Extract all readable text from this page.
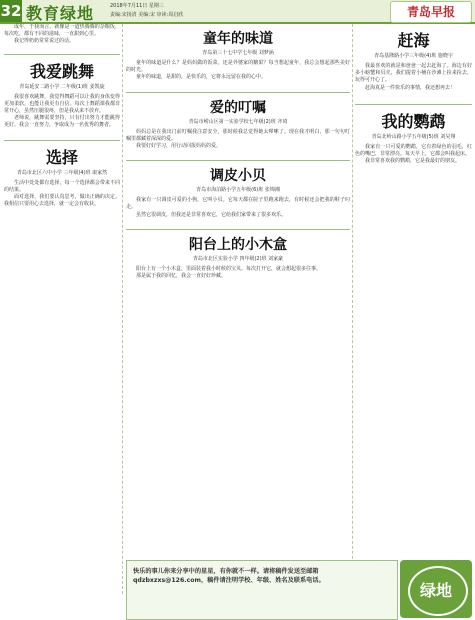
32 教育绿地	2018年7月11日 星期三
责编:宋扬清 美编:宋 审读:周启欣	青岛早报

成年，于我而言，就像是一道热腾腾的杂粮饭，每次吃，都有不同的滋味，一直甜到心里。

我记得奶奶常常说过的话。

我爱跳舞
青岛延安二路小学 二年级(1)班 姜凯旋

我很喜欢跳舞，我觉得舞蹈可以让我的身体变得更加柔软，也能让我更有自信。每次上舞蹈课我都非常开心，虽然压腿很疼，但是我从来不放弃。

老师说，跳舞需要坚持，只有付出努力才能跳得更好。我会一直努力，争取成为一名优秀的舞者。

选择
青岛市北区六中小学 三年级(4)班 康家然

生活中处处都有选择，每一个选择都会带来不同的结果。

面对选择，我们要认真思考，做出正确的决定。我相信只要用心去选择，就一定会有收获。

童年的味道
青岛第三十七中学七年级 刘梦涵

童年的味道是什么？是妈妈做的饭菜，还是外婆家的糖果？每当想起童年，我总会想起那些美好的时光。

童年的味道，是甜的，是快乐的，它将永远留在我的心中。

爱的叮嘱
青岛市崂山区第一实验学校七年级(2)班 齐琦

妈妈总是在我出门前叮嘱我注意安全，那时候我总觉得她太啰嗦了。现在我才明白，那一句句叮嘱里都藏着深深的爱。

我要好好学习，用行动回报妈妈的爱。

调皮小贝
青岛市海泊路小学五年级(6)班 张锦湘

我家有一只调皮可爱的小狗，它叫小贝。它每天都在院子里跑来跑去，有时候还会把我的鞋子叼走。

虽然它很调皮，但我还是非常喜欢它，它给我们家带来了很多欢乐。

阳台上的小木盒
青岛市北区实验小学 四年级(2)班 刘家豪

阳台上有一个小木盒，里面装着我小时候的宝贝。每次打开它，就会想起很多往事。

那是属于我的回忆，我会一直好好珍藏。

赶海
青岛基隆路小学三年级(4)班 施晓宇

我最喜欢的就是和爸爸一起去赶海了。海边有好多小螃蟹和贝壳，我们提着小桶在沙滩上捡来捡去，玩得可开心了。

赶海真是一件快乐的事情，我还想再去！

我的鹦鹉
青岛北岭山路小学五年级(5)班 刘昊翔

我家有一只可爱的鹦鹉，它有着绿色的羽毛，红色的嘴巴，非常漂亮。每天早上，它都会叫我起床。

我非常喜欢我的鹦鹉，它是我最好的朋友。

快乐的事儿你来分享中的星星，有你就不一样。请将稿件发送至邮箱 qdzbxzxs@126.com，稿件请注明学校、年级、姓名及联系电话。
绿地
